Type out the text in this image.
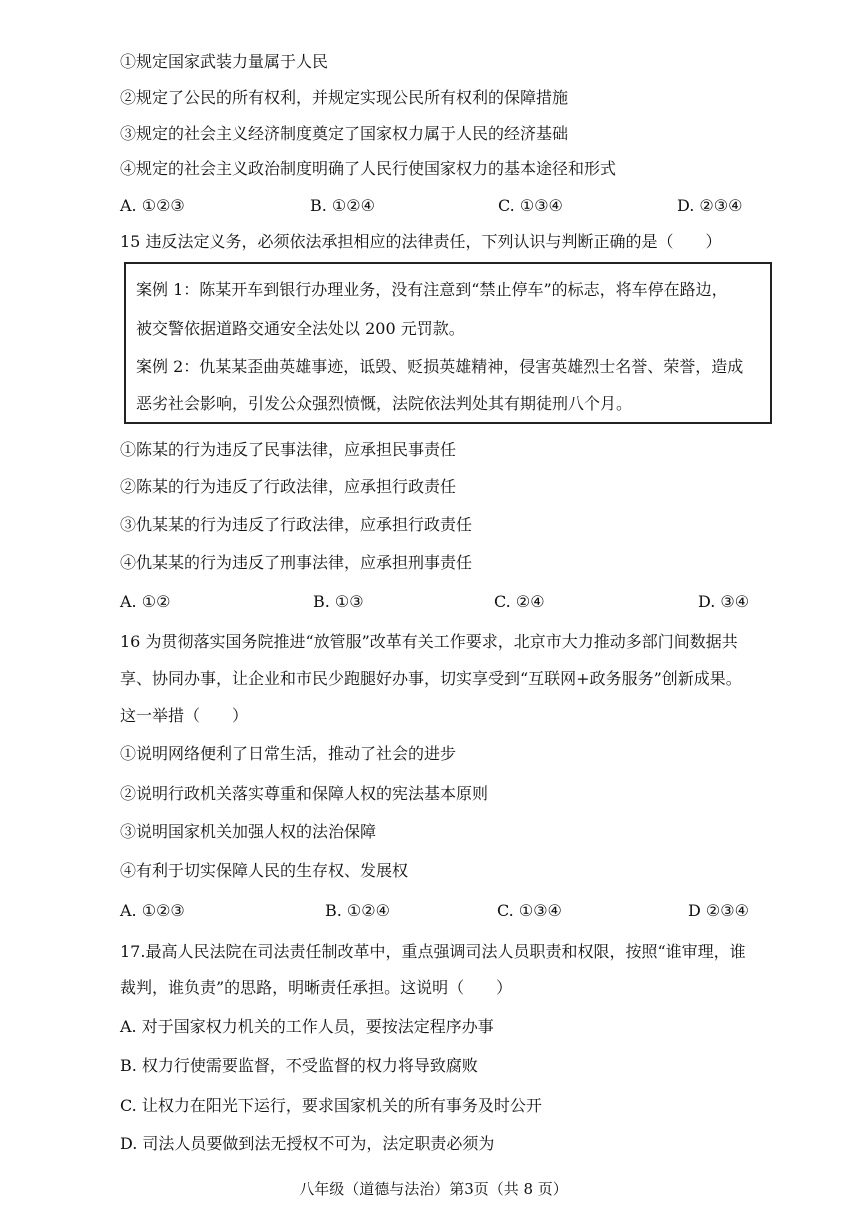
①规定国家武装力量属于人民
②规定了公民的所有权利，并规定实现公民所有权利的保障措施
③规定的社会主义经济制度奠定了国家权力属于人民的经济基础
④规定的社会主义政治制度明确了人民行使国家权力的基本途径和形式
A. ①②③	B. ①②④	C. ①③④	D. ②③④
15 违反法定义务，必须依法承担相应的法律责任，下列认识与判断正确的是（　　）
案例 1：陈某开车到银行办理业务，没有注意到“禁止停车”的标志，将车停在路边，
被交警依据道路交通安全法处以 200 元罚款。
案例 2：仇某某歪曲英雄事迹，诋毁、贬损英雄精神，侵害英雄烈士名誉、荣誉，造成
恶劣社会影响，引发公众强烈愤慨，法院依法判处其有期徒刑八个月。
①陈某的行为违反了民事法律，应承担民事责任
②陈某的行为违反了行政法律，应承担行政责任
③仇某某的行为违反了行政法律，应承担行政责任
④仇某某的行为违反了刑事法律，应承担刑事责任
A. ①②	B. ①③	C. ②④	D. ③④
16 为贯彻落实国务院推进“放管服”改革有关工作要求，北京市大力推动多部门间数据共
享、协同办事，让企业和市民少跑腿好办事，切实享受到“互联网+政务服务”创新成果。
这一举措（　　）
①说明网络便利了日常生活，推动了社会的进步
②说明行政机关落实尊重和保障人权的宪法基本原则
③说明国家机关加强人权的法治保障
④有利于切实保障人民的生存权、发展权
A. ①②③	B. ①②④	C. ①③④	D ②③④
17.最高人民法院在司法责任制改革中，重点强调司法人员职责和权限，按照“谁审理，谁
裁判，谁负责”的思路，明晰责任承担。这说明（　　）
A. 对于国家权力机关的工作人员，要按法定程序办事
B. 权力行使需要监督，不受监督的权力将导致腐败
C. 让权力在阳光下运行，要求国家机关的所有事务及时公开
D. 司法人员要做到法无授权不可为，法定职责必须为
八年级（道德与法治）第3页（共 8 页）
